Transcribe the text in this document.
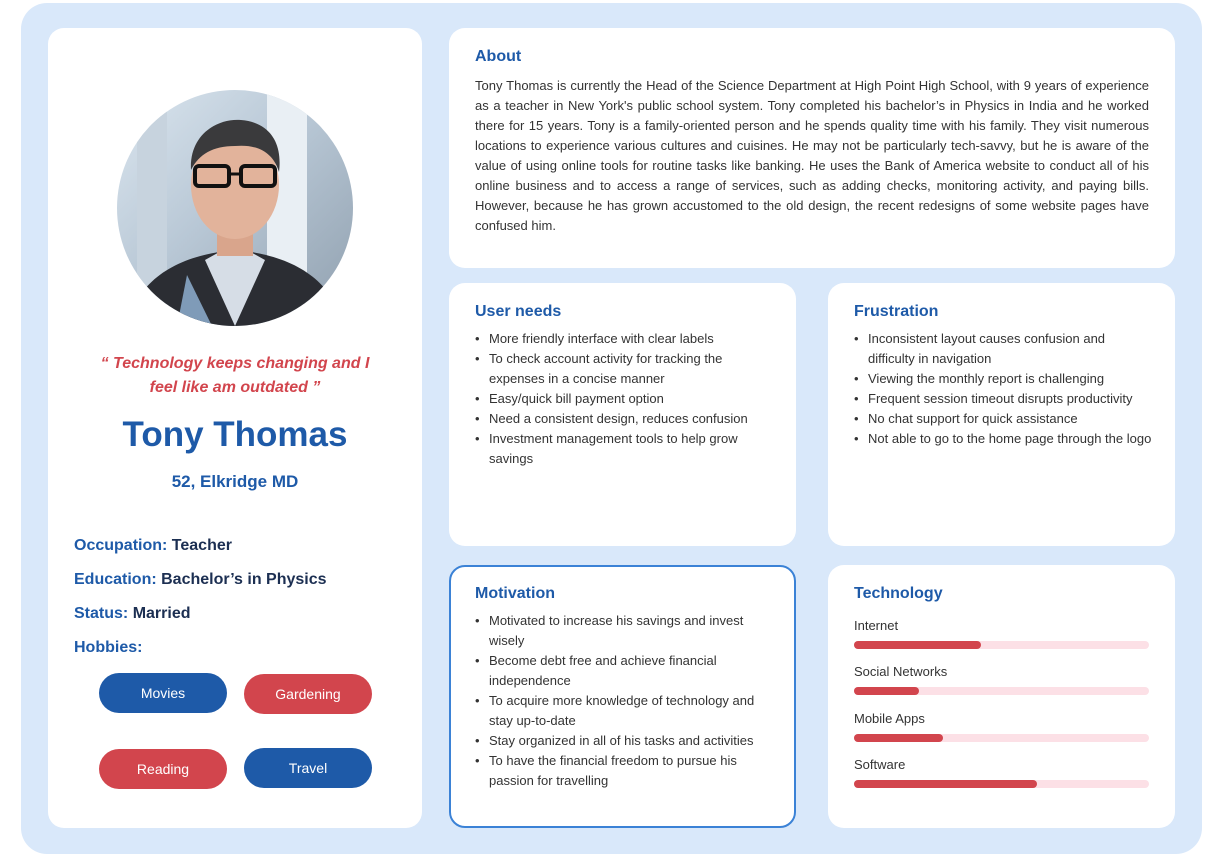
“ Technology keeps changing and I feel like am outdated ”
Tony Thomas
52, Elkridge MD
Occupation: Teacher
Education: Bachelor’s in Physics
Status: Married
Hobbies:
Movies	Gardening
Reading	Travel
About
Tony Thomas is currently the Head of the Science Department at High Point High School, with 9 years of experience as a teacher in New York's public school system. Tony completed his bachelor’s in Physics in India and he worked there for 15 years. Tony is a family-oriented person and he spends quality time with his family. They visit numerous locations to experience various cultures and cuisines. He may not be particularly tech-savvy, but he is aware of the value of using online tools for routine tasks like banking. He uses the Bank of America website to conduct all of his online business and to access a range of services, such as adding checks, monitoring activity, and paying bills. However, because he has grown accustomed to the old design, the recent redesigns of some website pages have confused him.
User needs
• More friendly interface with clear labels
• To check account activity for tracking the expenses in a concise manner
• Easy/quick bill payment option
• Need a consistent design, reduces confusion
• Investment management tools to help grow savings
Frustration
• Inconsistent layout causes confusion and difficulty in navigation
• Viewing the monthly report is challenging
• Frequent session timeout disrupts productivity
• No chat support for quick assistance
• Not able to go to the home page through the logo
Motivation
• Motivated to increase his savings and invest wisely
• Become debt free and achieve financial independence
• To acquire more knowledge of technology and stay up-to-date
• Stay organized in all of his tasks and activities
• To have the financial freedom to pursue his passion for travelling
Technology
Internet
Social Networks
Mobile Apps
Software
